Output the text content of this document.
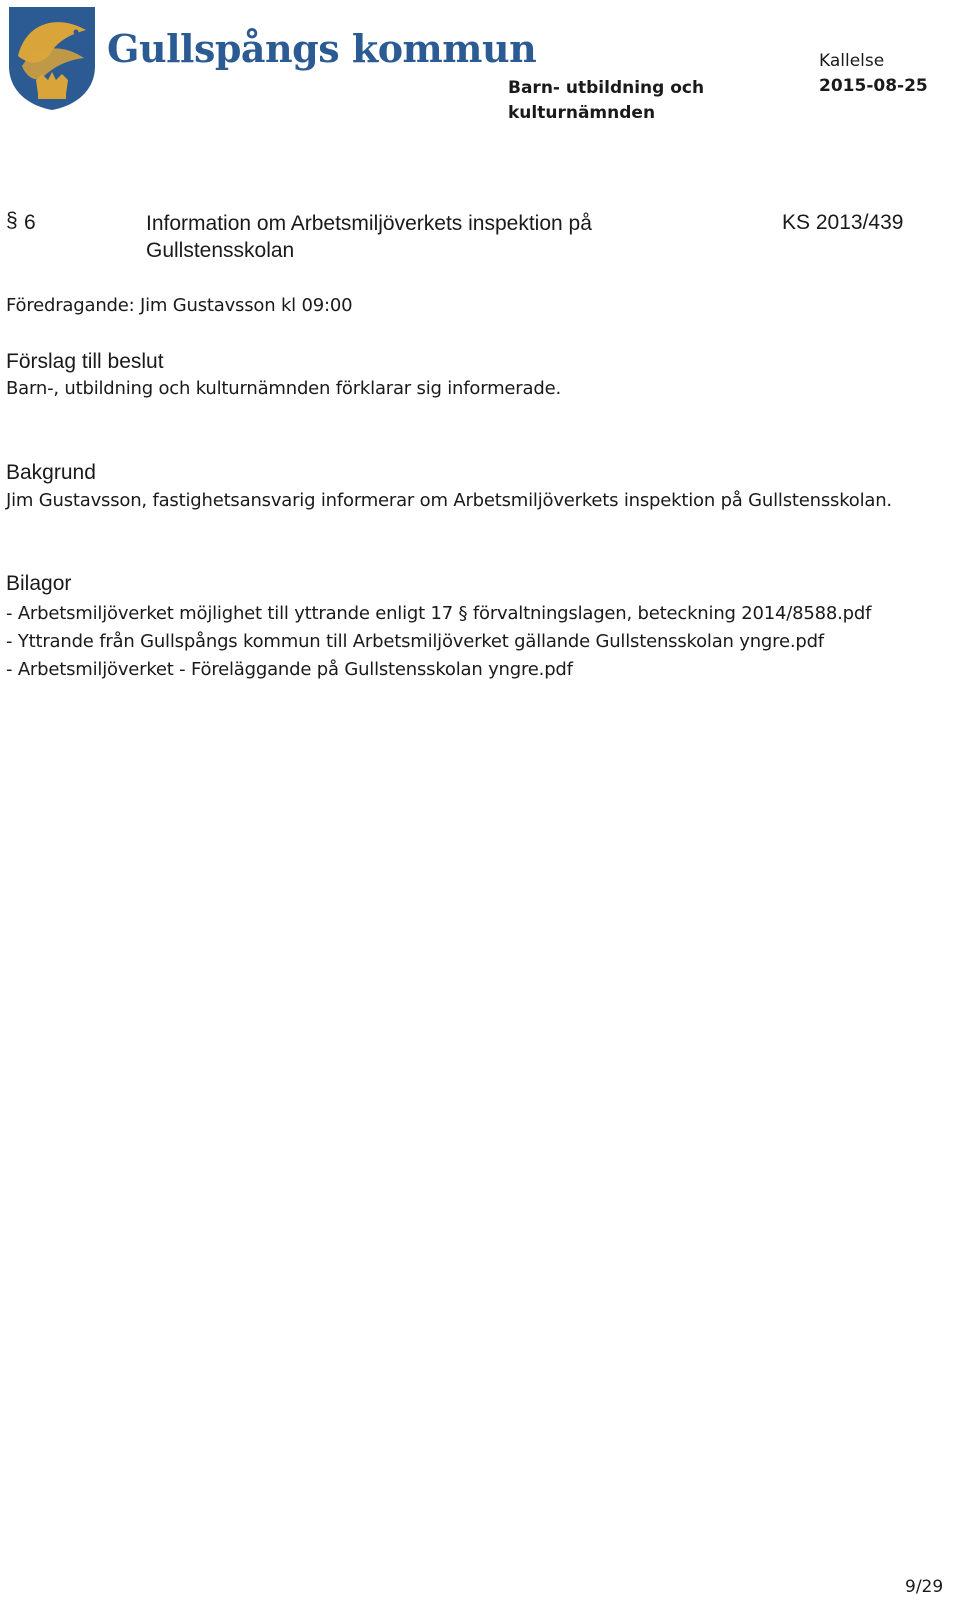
Gullspångs kommun
Barn- utbildning och kulturnämnden
Kallelse
2015-08-25
§ 6	Information om Arbetsmiljöverkets inspektion på Gullstensskolan
KS 2013/439
Föredragande: Jim Gustavsson kl 09:00
Förslag till beslut
Barn-, utbildning och kulturnämnden förklarar sig informerade.
Bakgrund
Jim Gustavsson, fastighetsansvarig informerar om Arbetsmiljöverkets inspektion på Gullstensskolan.
Bilagor
- Arbetsmiljöverket möjlighet till yttrande enligt 17 § förvaltningslagen, beteckning 2014/8588.pdf
- Yttrande från Gullspångs kommun till Arbetsmiljöverket gällande Gullstensskolan yngre.pdf
- Arbetsmiljöverket - Föreläggande på Gullstensskolan yngre.pdf
9/29
